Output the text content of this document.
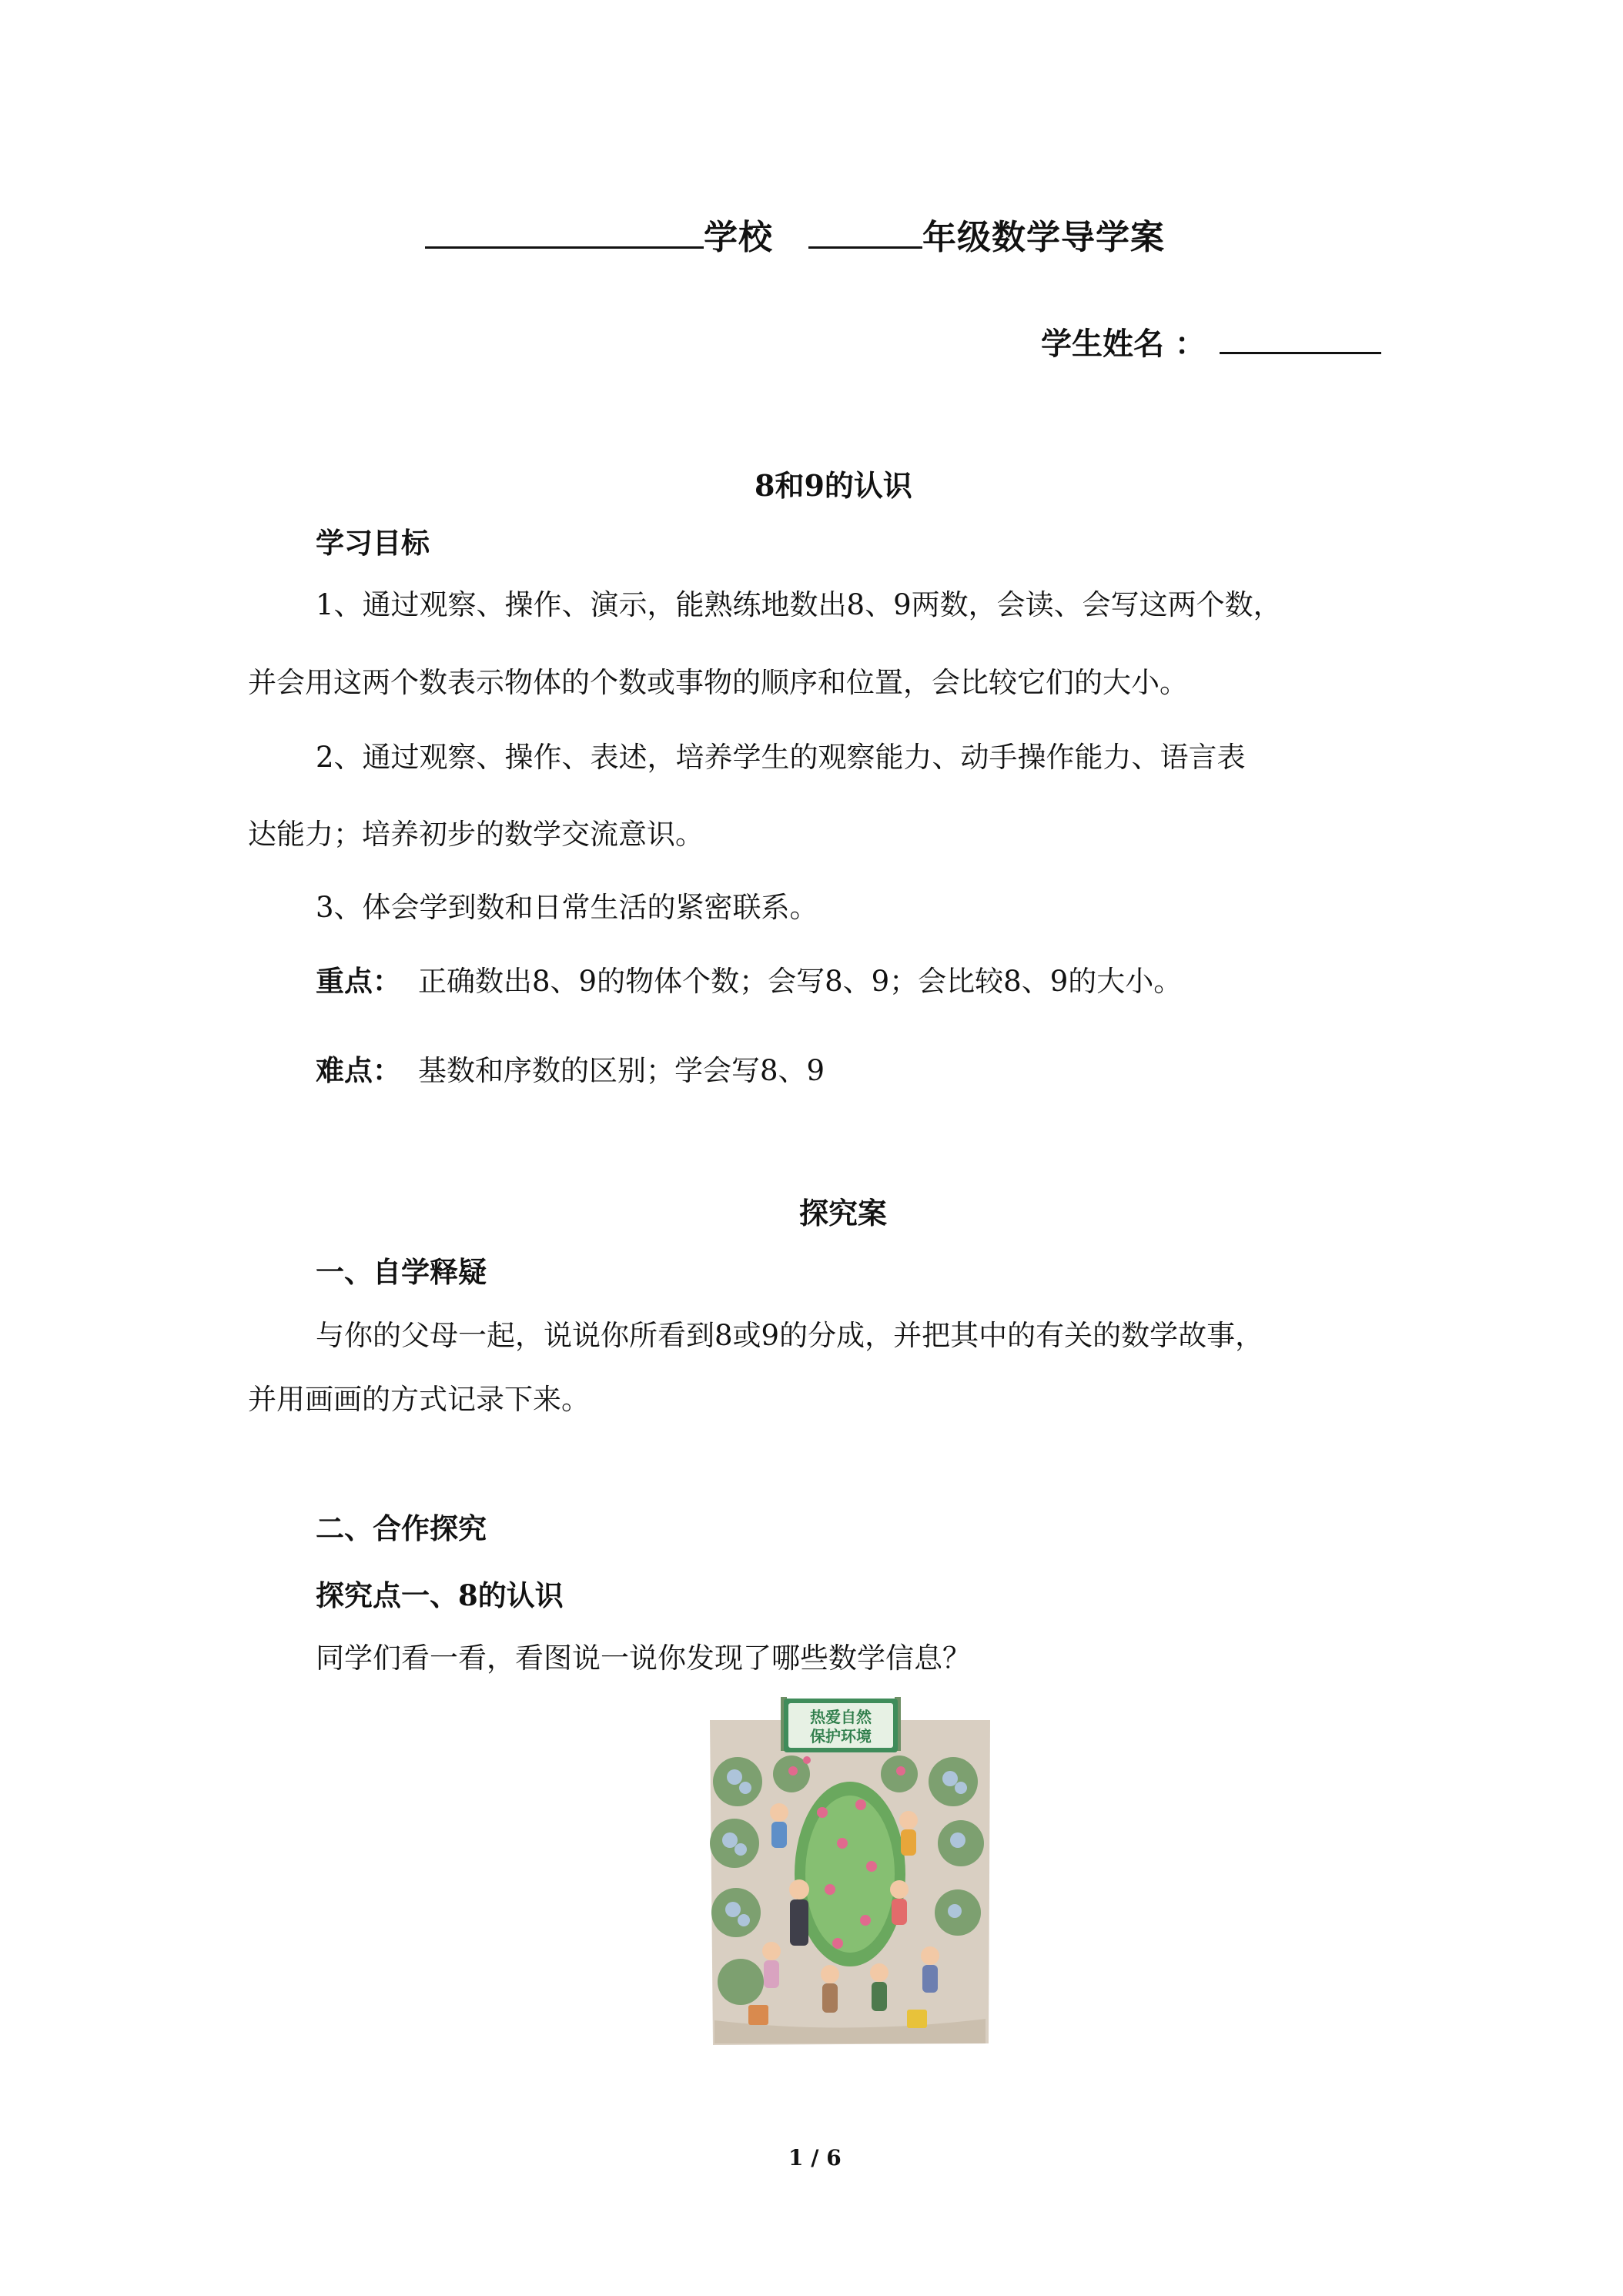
学校	年级数学导学案
学生姓名 ：
8和9的认识
学习目标
1、通过观察、操作、演示，能熟练地数出8、9两数，会读、会写这两个数，
并会用这两个数表示物体的个数或事物的顺序和位置，会比较它们的大小。
2、通过观察、操作、表述，培养学生的观察能力、动手操作能力、语言表
达能力；培养初步的数学交流意识。
3、体会学到数和日常生活的紧密联系。
重点： 正确数出8、9的物体个数；会写8、9；会比较8、9的大小。
难点： 基数和序数的区别；学会写8、9
探究案
一、自学释疑
与你的父母一起，说说你所看到8或9的分成，并把其中的有关的数学故事，
并用画画的方式记录下来。
二、合作探究
探究点一、8的认识
同学们看一看，看图说一说你发现了哪些数学信息？
热爱自然
保护环境
1 / 6
